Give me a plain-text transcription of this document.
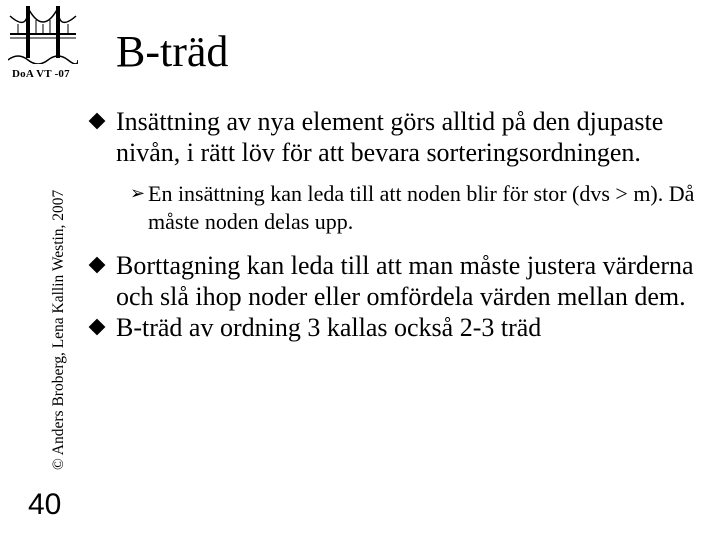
DoA VT -07
© Anders Broberg, Lena Kallin Westin, 2007
40
B-träd
Insättning av nya element görs alltid på den djupaste nivån, i rätt löv för att bevara sorteringsordningen.
➢ En insättning kan leda till att noden blir för stor (dvs > m). Då måste noden delas upp.
Borttagning kan leda till att man måste justera värderna och slå ihop noder eller omfördela värden mellan dem.
B-träd av ordning 3 kallas också 2-3 träd
